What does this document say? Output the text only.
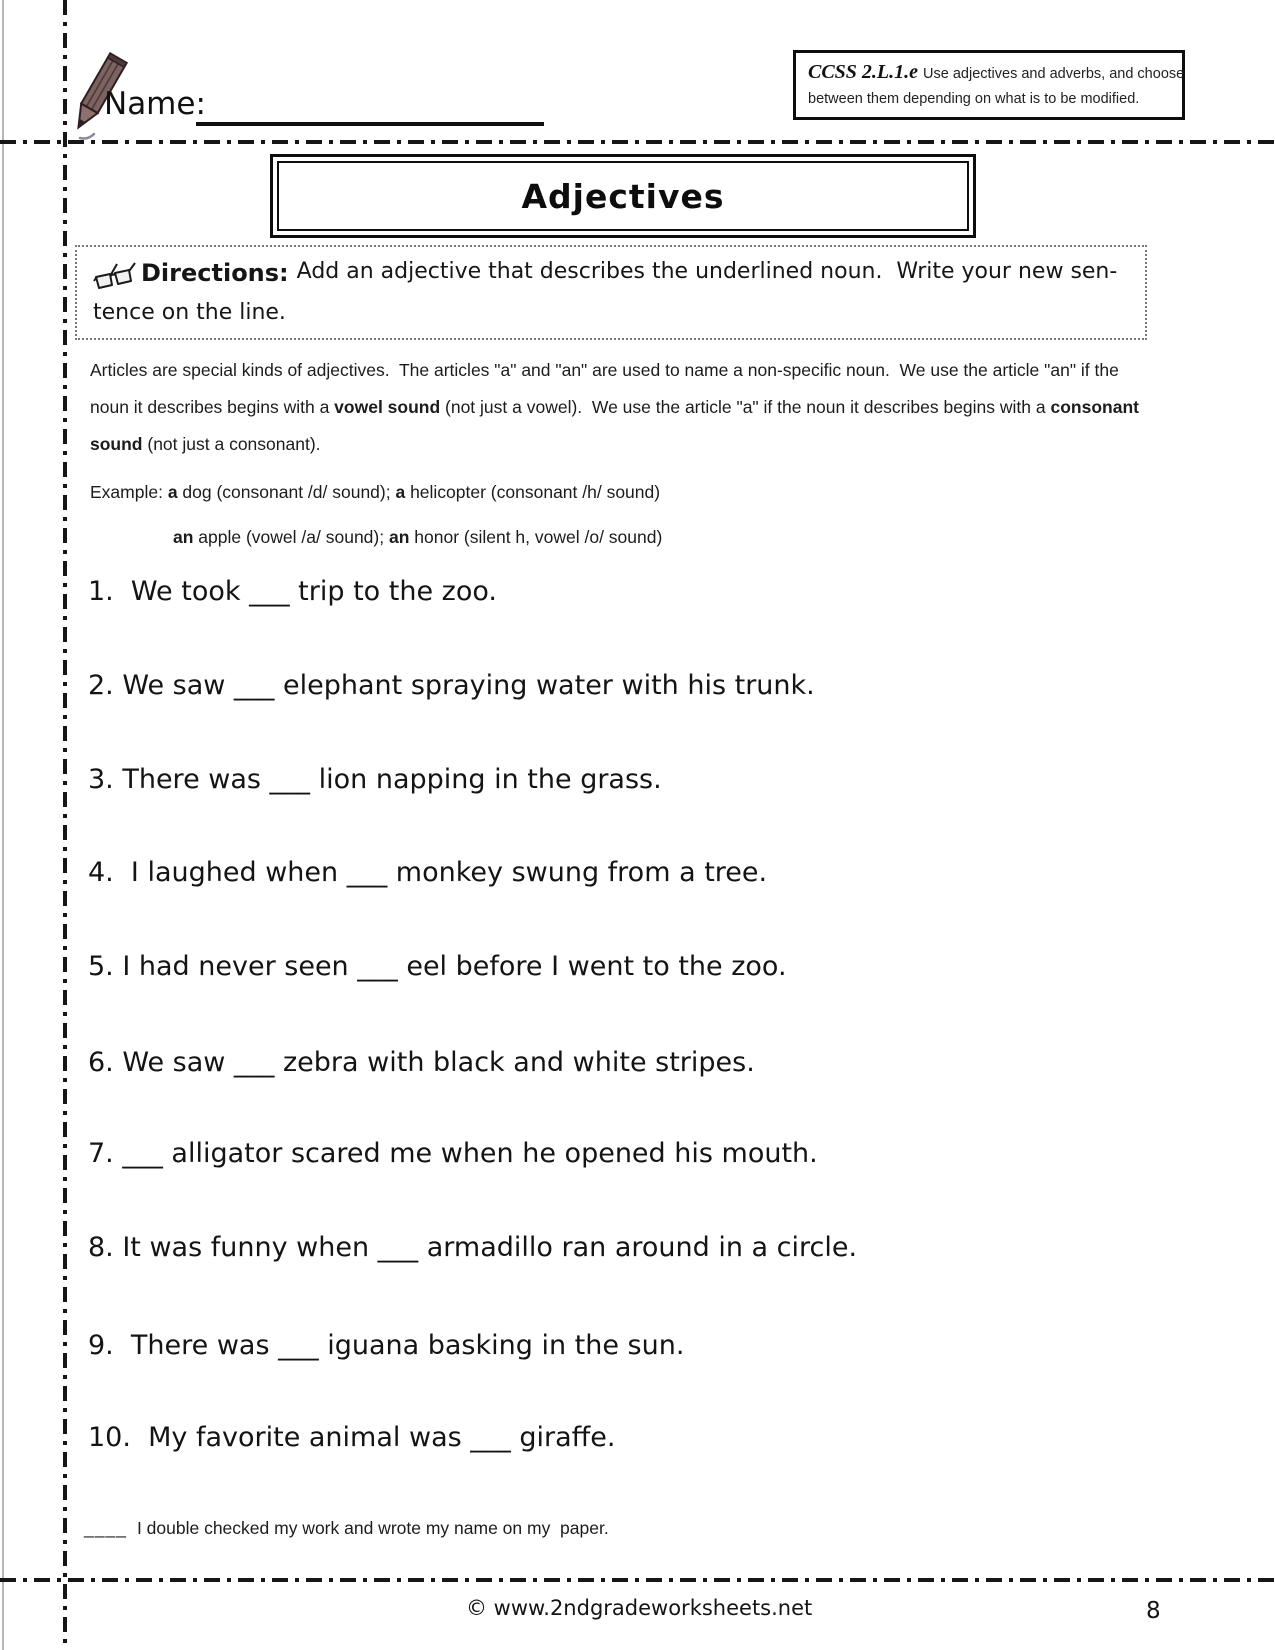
Name:
CCSS 2.L.1.e Use adjectives and adverbs, and choose
between them depending on what is to be modified.
Adjectives
Directions: Add an adjective that describes the underlined noun.  Write your new sen-
tence on the line.
Articles are special kinds of adjectives.  The articles "a" and "an" are used to name a non-specific noun.  We use the article "an" if the noun it describes begins with a vowel sound (not just a vowel).  We use the article "a" if the noun it describes begins with a consonant sound (not just a consonant).
Example: a dog (consonant /d/ sound); a helicopter (consonant /h/ sound)
an apple (vowel /a/ sound); an honor (silent h, vowel /o/ sound)
1.  We took ___ trip to the zoo.
2. We saw ___ elephant spraying water with his trunk.
3. There was ___ lion napping in the grass.
4.  I laughed when ___ monkey swung from a tree.
5. I had never seen ___ eel before I went to the zoo.
6. We saw ___ zebra with black and white stripes.
7. ___ alligator scared me when he opened his mouth.
8. It was funny when ___ armadillo ran around in a circle.
9.  There was ___ iguana basking in the sun.
10.  My favorite animal was ___ giraffe.
____ I double checked my work and wrote my name on my  paper.
© www.2ndgradeworksheets.net	8
